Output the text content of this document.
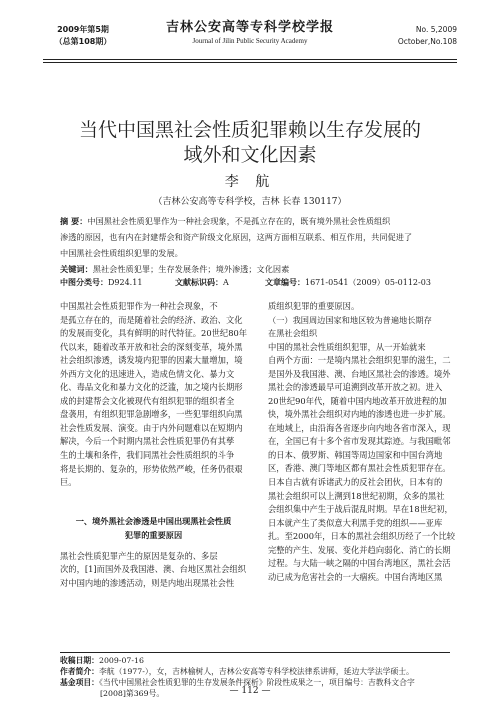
2009年第5期
（总第108期）
吉林公安高等专科学校学报
Journal of Jilin Public Security Academy
No. 5,2009
October,No.108
当代中国黑社会性质犯罪赖以生存发展的
域外和文化因素
李 航
（吉林公安高等专科学校，吉林 长春 130117）
摘 要：中国黑社会性质犯罪作为一种社会现象，不是孤立存在的，既有境外黑社会性质组织
渗透的原因，也有内在封建帮会和资产阶级文化原因，这两方面相互联系、相互作用，共同促进了
中国黑社会性质组织犯罪的发展。
关键词：黑社会性质犯罪；生存发展条件；境外渗透；文化因素
中图分类号：D924.11	文献标识码：A	文章编号：1671-0541（2009）05-0112-03

中国黑社会性质犯罪作为一种社会现象，不

是孤立存在的，而是随着社会的经济、政治、文化

的发展而变化，具有鲜明的时代特征。20世纪80年

代以来，随着改革开放和社会的深刻变革，境外黑

社会组织渗透，诱发境内犯罪的因素大量增加，境

外西方文化的迅速进入，造成色情文化、暴力文

化、毒品文化和暴力文化的泛滥，加之境内长期形

成的封建帮会文化被现代有组织犯罪的组织者全

盘袭用，有组织犯罪急剧增多，一些犯罪组织向黑

社会性质发展、演变。由于内外问题难以在短期内

解决，今后一个时期内黑社会性质犯罪仍有其孳

生的土壤和条件，我们同黑社会性质组织的斗争

将是长期的、复杂的，形势依然严峻，任务仍很艰

巨。

一、境外黑社会渗透是中国出现黑社会性质
犯罪的重要原因

黑社会性质犯罪产生的原因是复杂的、多层

次的，[1]而国外及我国港、澳、台地区黑社会组织

对中国内地的渗透活动，则是内地出现黑社会性

质组织犯罪的重要原因。

（一）我国周边国家和地区较为普遍地长期存

在黑社会组织

中国的黑社会性质组织犯罪，从一开始就来

自两个方面：一是境内黑社会组织犯罪的滋生，二

是国外及我国港、澳、台地区黑社会的渗透。境外

黑社会的渗透最早可追溯到改革开放之初。进入

20世纪90年代，随着中国内地改革开放进程的加

快，境外黑社会组织对内地的渗透也进一步扩展。

在地域上，由沿海各省逐步向内地各省市深入，现

在，全国已有十多个省市发现其踪迹。与我国毗邻

的日本、俄罗斯、韩国等周边国家和中国台湾地

区，香港、澳门等地区都有黑社会性质犯罪存在。

日本自古就有诉诸武力的反社会团伙，日本有的

黑社会组织可以上溯到18世纪初期，众多的黑社

会组织集中产生于战后混乱时期。早在18世纪初，

日本就产生了类似意大利黑手党的组织——亚库

扎。至2000年，日本的黑社会组织历经了一个比较

完整的产生、发展、变化并趋向弱化、消亡的长期

过程。与大陆一峡之隔的中国台湾地区，黑社会活

动已成为危害社会的一大痼疾。中国台湾地区黑

收稿日期：2009-07-16

作者简介：李航（1977-），女，吉林榆树人，吉林公安高等专科学校法律系讲师，延边大学法学硕士。

基金项目：《当代中国黑社会性质犯罪的生存发展条件探析》阶段性成果之一，项目编号：吉教科文合字

[2008]第369号。	— 112 —
